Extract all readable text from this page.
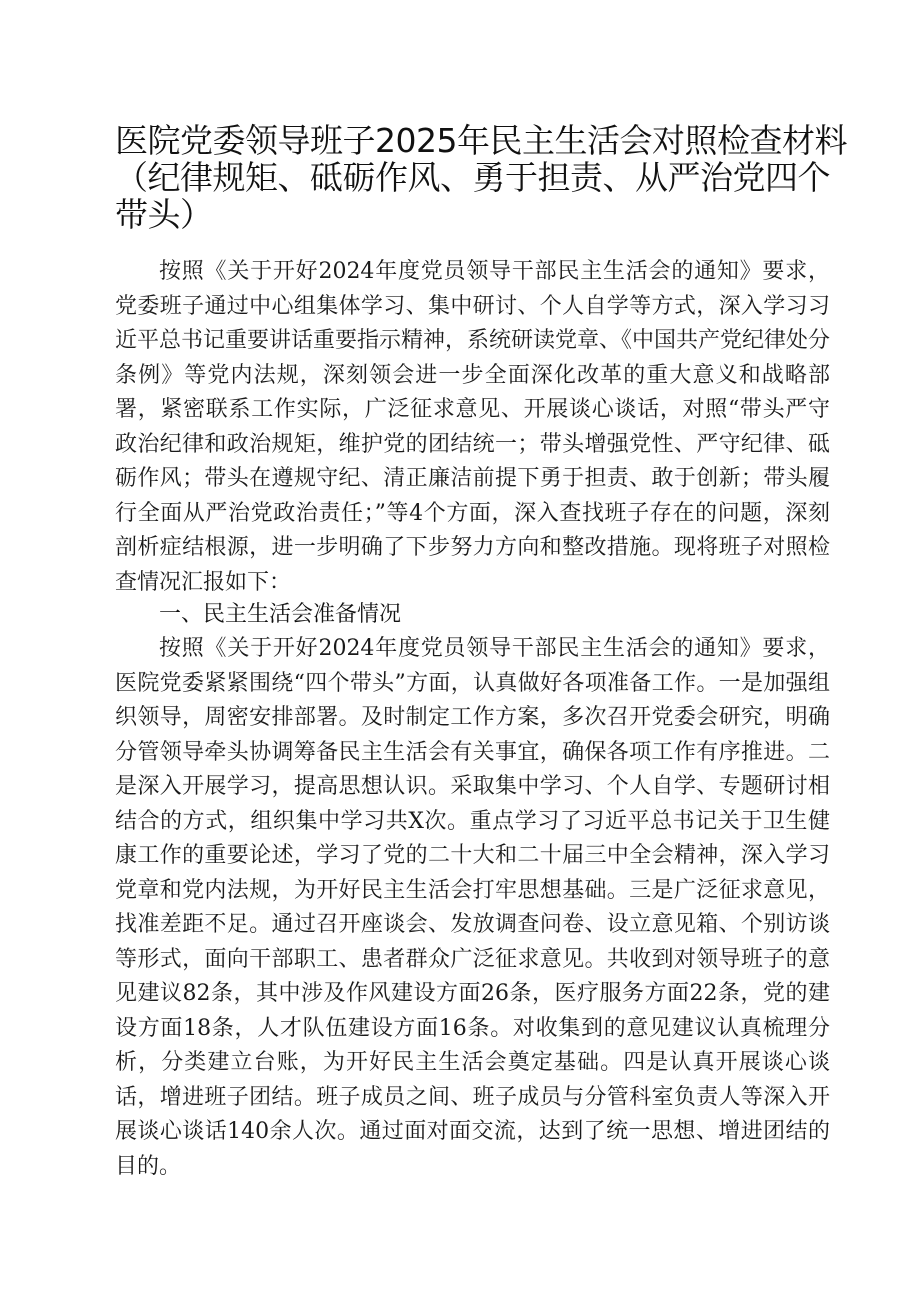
医院党委领导班子2025年民主生活会对照检查材料（纪律规矩、砥砺作风、勇于担责、从严治党四个带头）

按照《关于开好2024年度党员领导干部民主生活会的通知》要求，党委班子通过中心组集体学习、集中研讨、个人自学等方式，深入学习习近平总书记重要讲话重要指示精神，系统研读党章、《中国共产党纪律处分条例》等党内法规，深刻领会进一步全面深化改革的重大意义和战略部署，紧密联系工作实际，广泛征求意见、开展谈心谈话，对照“带头严守政治纪律和政治规矩，维护党的团结统一；带头增强党性、严守纪律、砥砺作风；带头在遵规守纪、清正廉洁前提下勇于担责、敢于创新；带头履行全面从严治党政治责任；”等4个方面，深入查找班子存在的问题，深刻剖析症结根源，进一步明确了下步努力方向和整改措施。现将班子对照检查情况汇报如下：

一、民主生活会准备情况

按照《关于开好2024年度党员领导干部民主生活会的通知》要求，医院党委紧紧围绕“四个带头”方面，认真做好各项准备工作。一是加强组织领导，周密安排部署。及时制定工作方案，多次召开党委会研究，明确分管领导牵头协调筹备民主生活会有关事宜，确保各项工作有序推进。二是深入开展学习，提高思想认识。采取集中学习、个人自学、专题研讨相结合的方式，组织集中学习共X次。重点学习了习近平总书记关于卫生健康工作的重要论述，学习了党的二十大和二十届三中全会精神，深入学习党章和党内法规，为开好民主生活会打牢思想基础。三是广泛征求意见，找准差距不足。通过召开座谈会、发放调查问卷、设立意见箱、个别访谈等形式，面向干部职工、患者群众广泛征求意见。共收到对领导班子的意见建议82条，其中涉及作风建设方面26条，医疗服务方面22条，党的建设方面18条，人才队伍建设方面16条。对收集到的意见建议认真梳理分析，分类建立台账，为开好民主生活会奠定基础。四是认真开展谈心谈话，增进班子团结。班子成员之间、班子成员与分管科室负责人等深入开展谈心谈话140余人次。通过面对面交流，达到了统一思想、增进团结的目的。
